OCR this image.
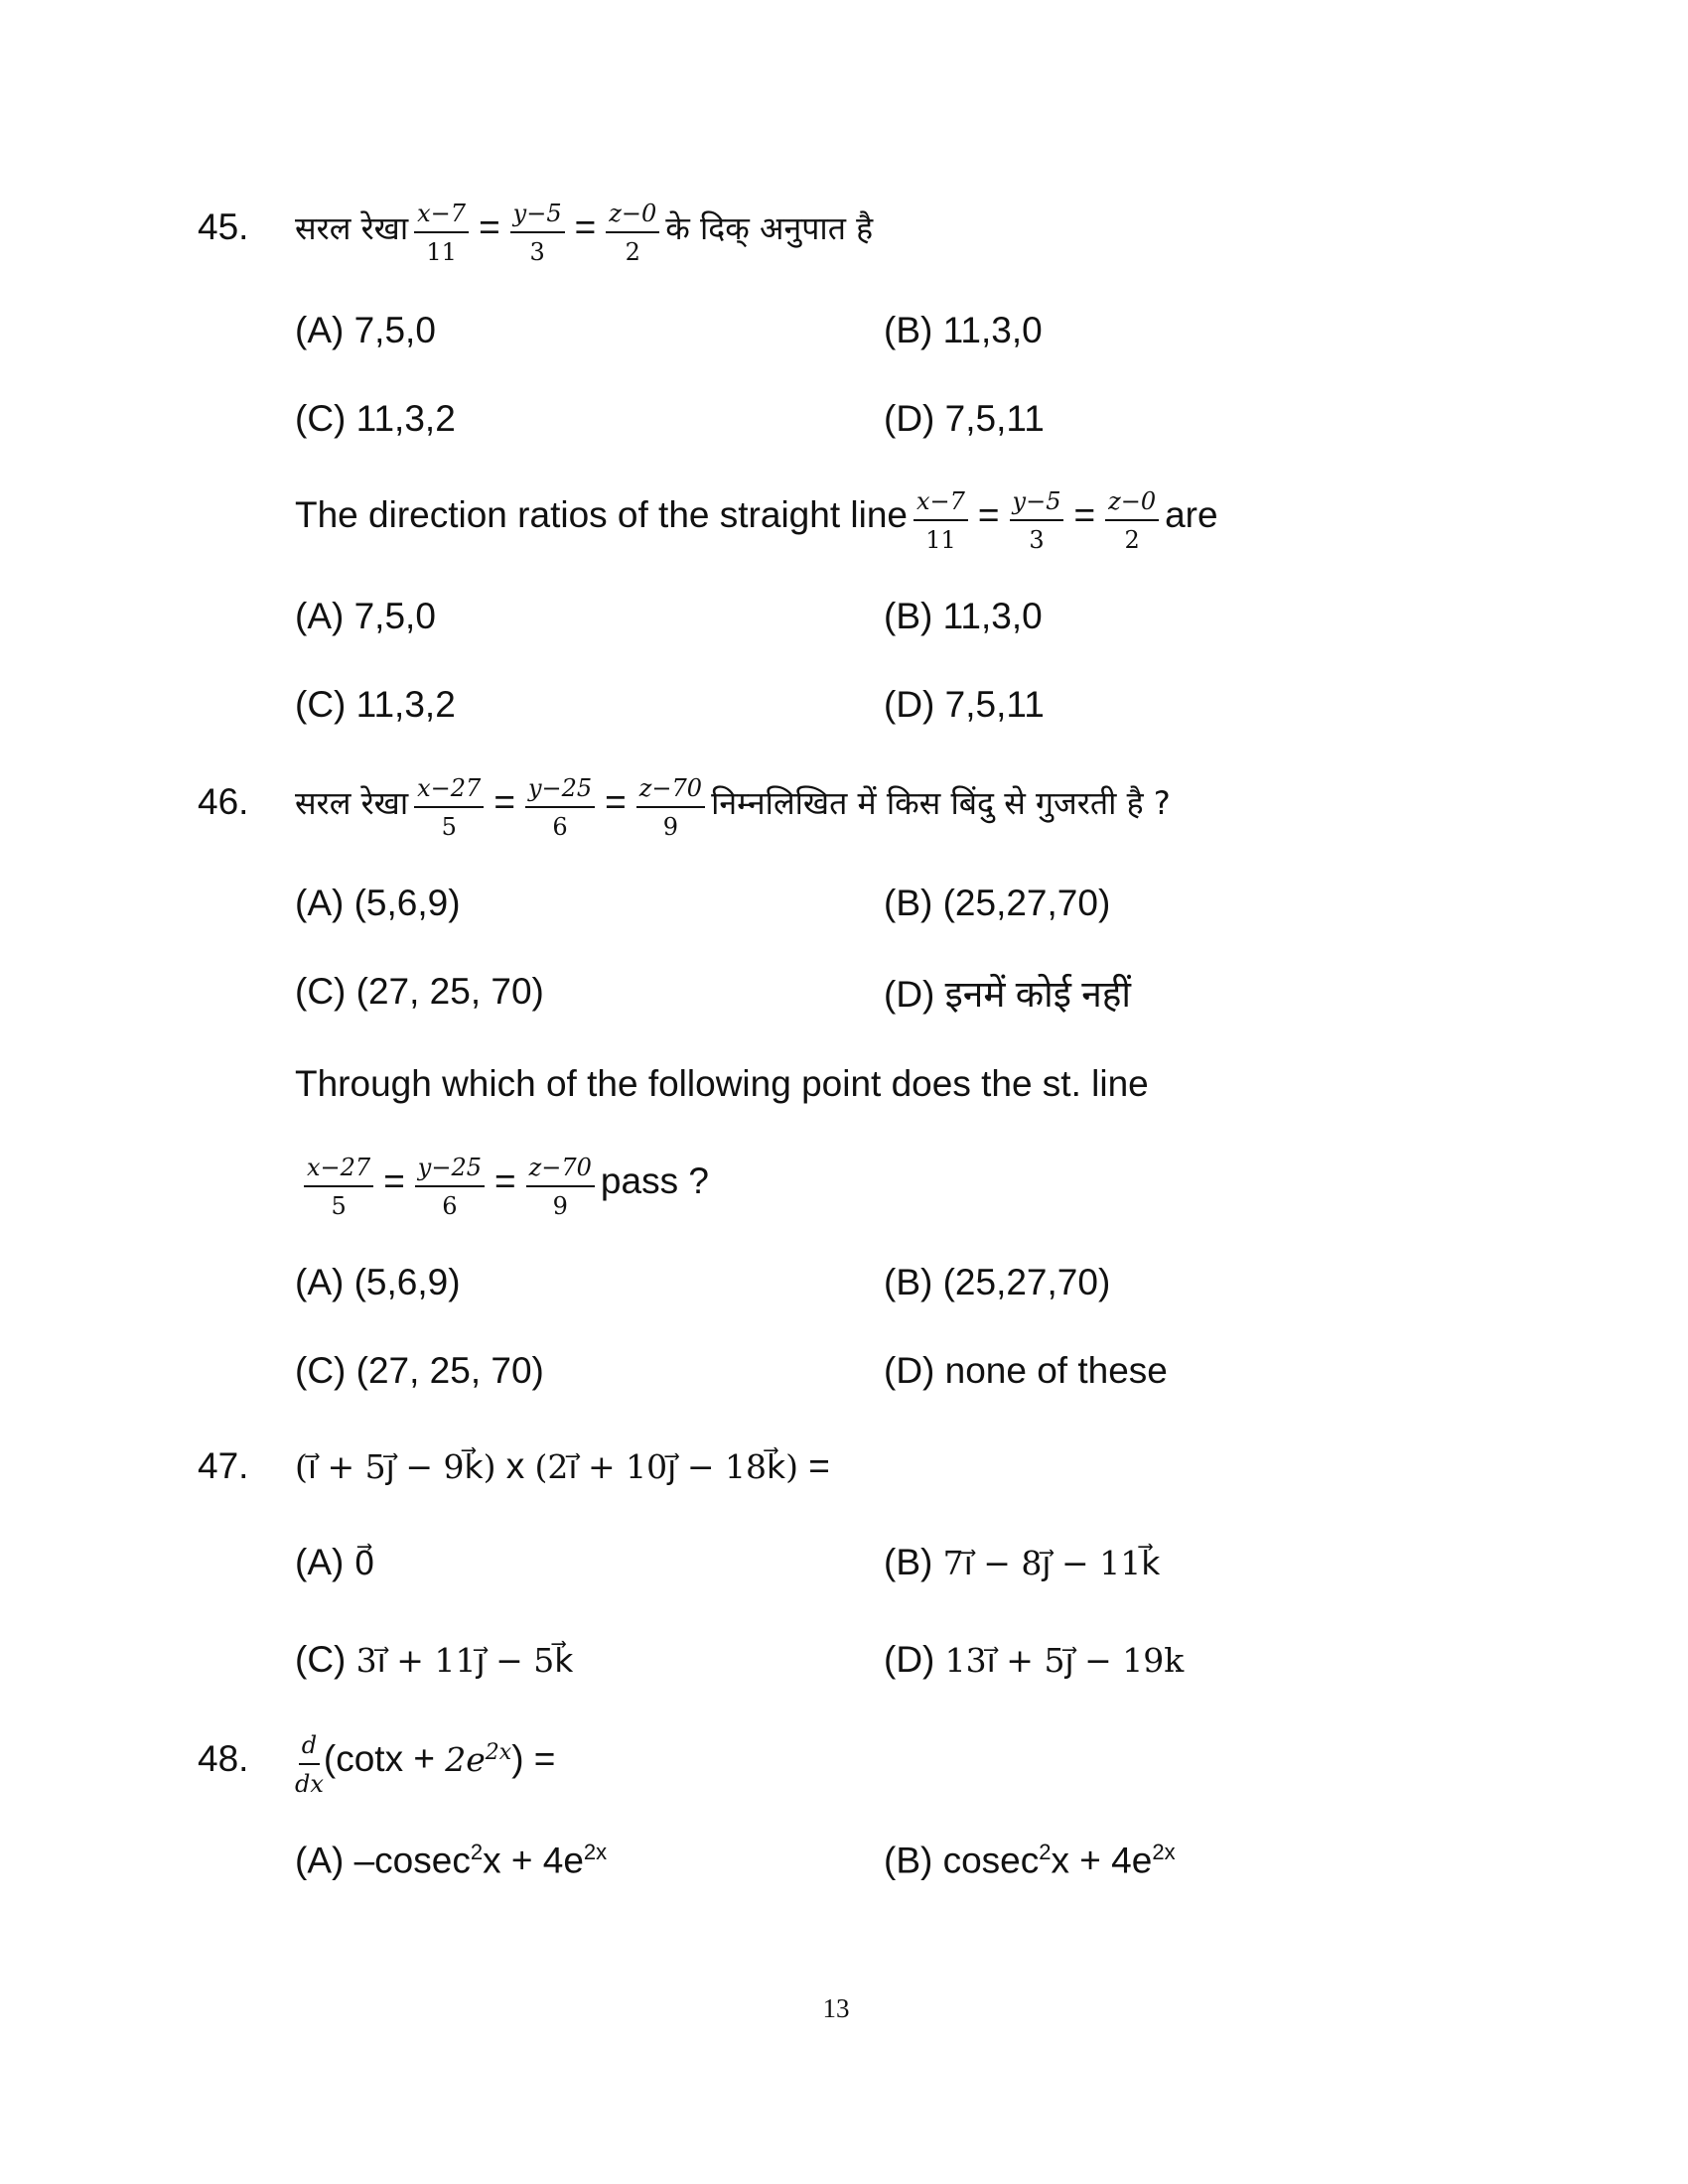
45. सरल रेखा $\frac{x-7}{11} = \frac{y-5}{3} = \frac{z-0}{2}$ के दिक् अनुपात है
(A) 7,5,0	(B) 11,3,0
(C) 11,3,2	(D) 7,5,11
The direction ratios of the straight line $\frac{x-7}{11} = \frac{y-5}{3} = \frac{z-0}{2}$ are
(A) 7,5,0	(B) 11,3,0
(C) 11,3,2	(D) 7,5,11
46. सरल रेखा $\frac{x-27}{5} = \frac{y-25}{6} = \frac{z-70}{9}$ निम्नलिखित में किस बिंदु से गुजरती है ?
(A) (5,6,9)	(B) (25,27,70)
(C) (27, 25, 70)	(D) इनमें कोई नहीं
Through which of the following point does the st. line
$\frac{x-27}{5} = \frac{y-25}{6} = \frac{z-70}{9}$ pass ?
(A) (5,6,9)	(B) (25,27,70)
(C) (27, 25, 70)	(D) none of these
47. (i⃗ + 5j⃗ − 9k⃗) x (2i⃗ + 10j⃗ − 18k⃗) =
(A) 0⃗	(B) 7i⃗ − 8j⃗ − 11k⃗
(C) 3i⃗ + 11j⃗ − 5k⃗	(D) 13i⃗ + 5j⃗ − 19k
48. $\frac{d}{dx} (\cot x + 2e^{2x}$ ) =
(A) $-cosec^2x + 4e^{2x}$	(B) $cosec^2x + 4e^{2x}$
13
